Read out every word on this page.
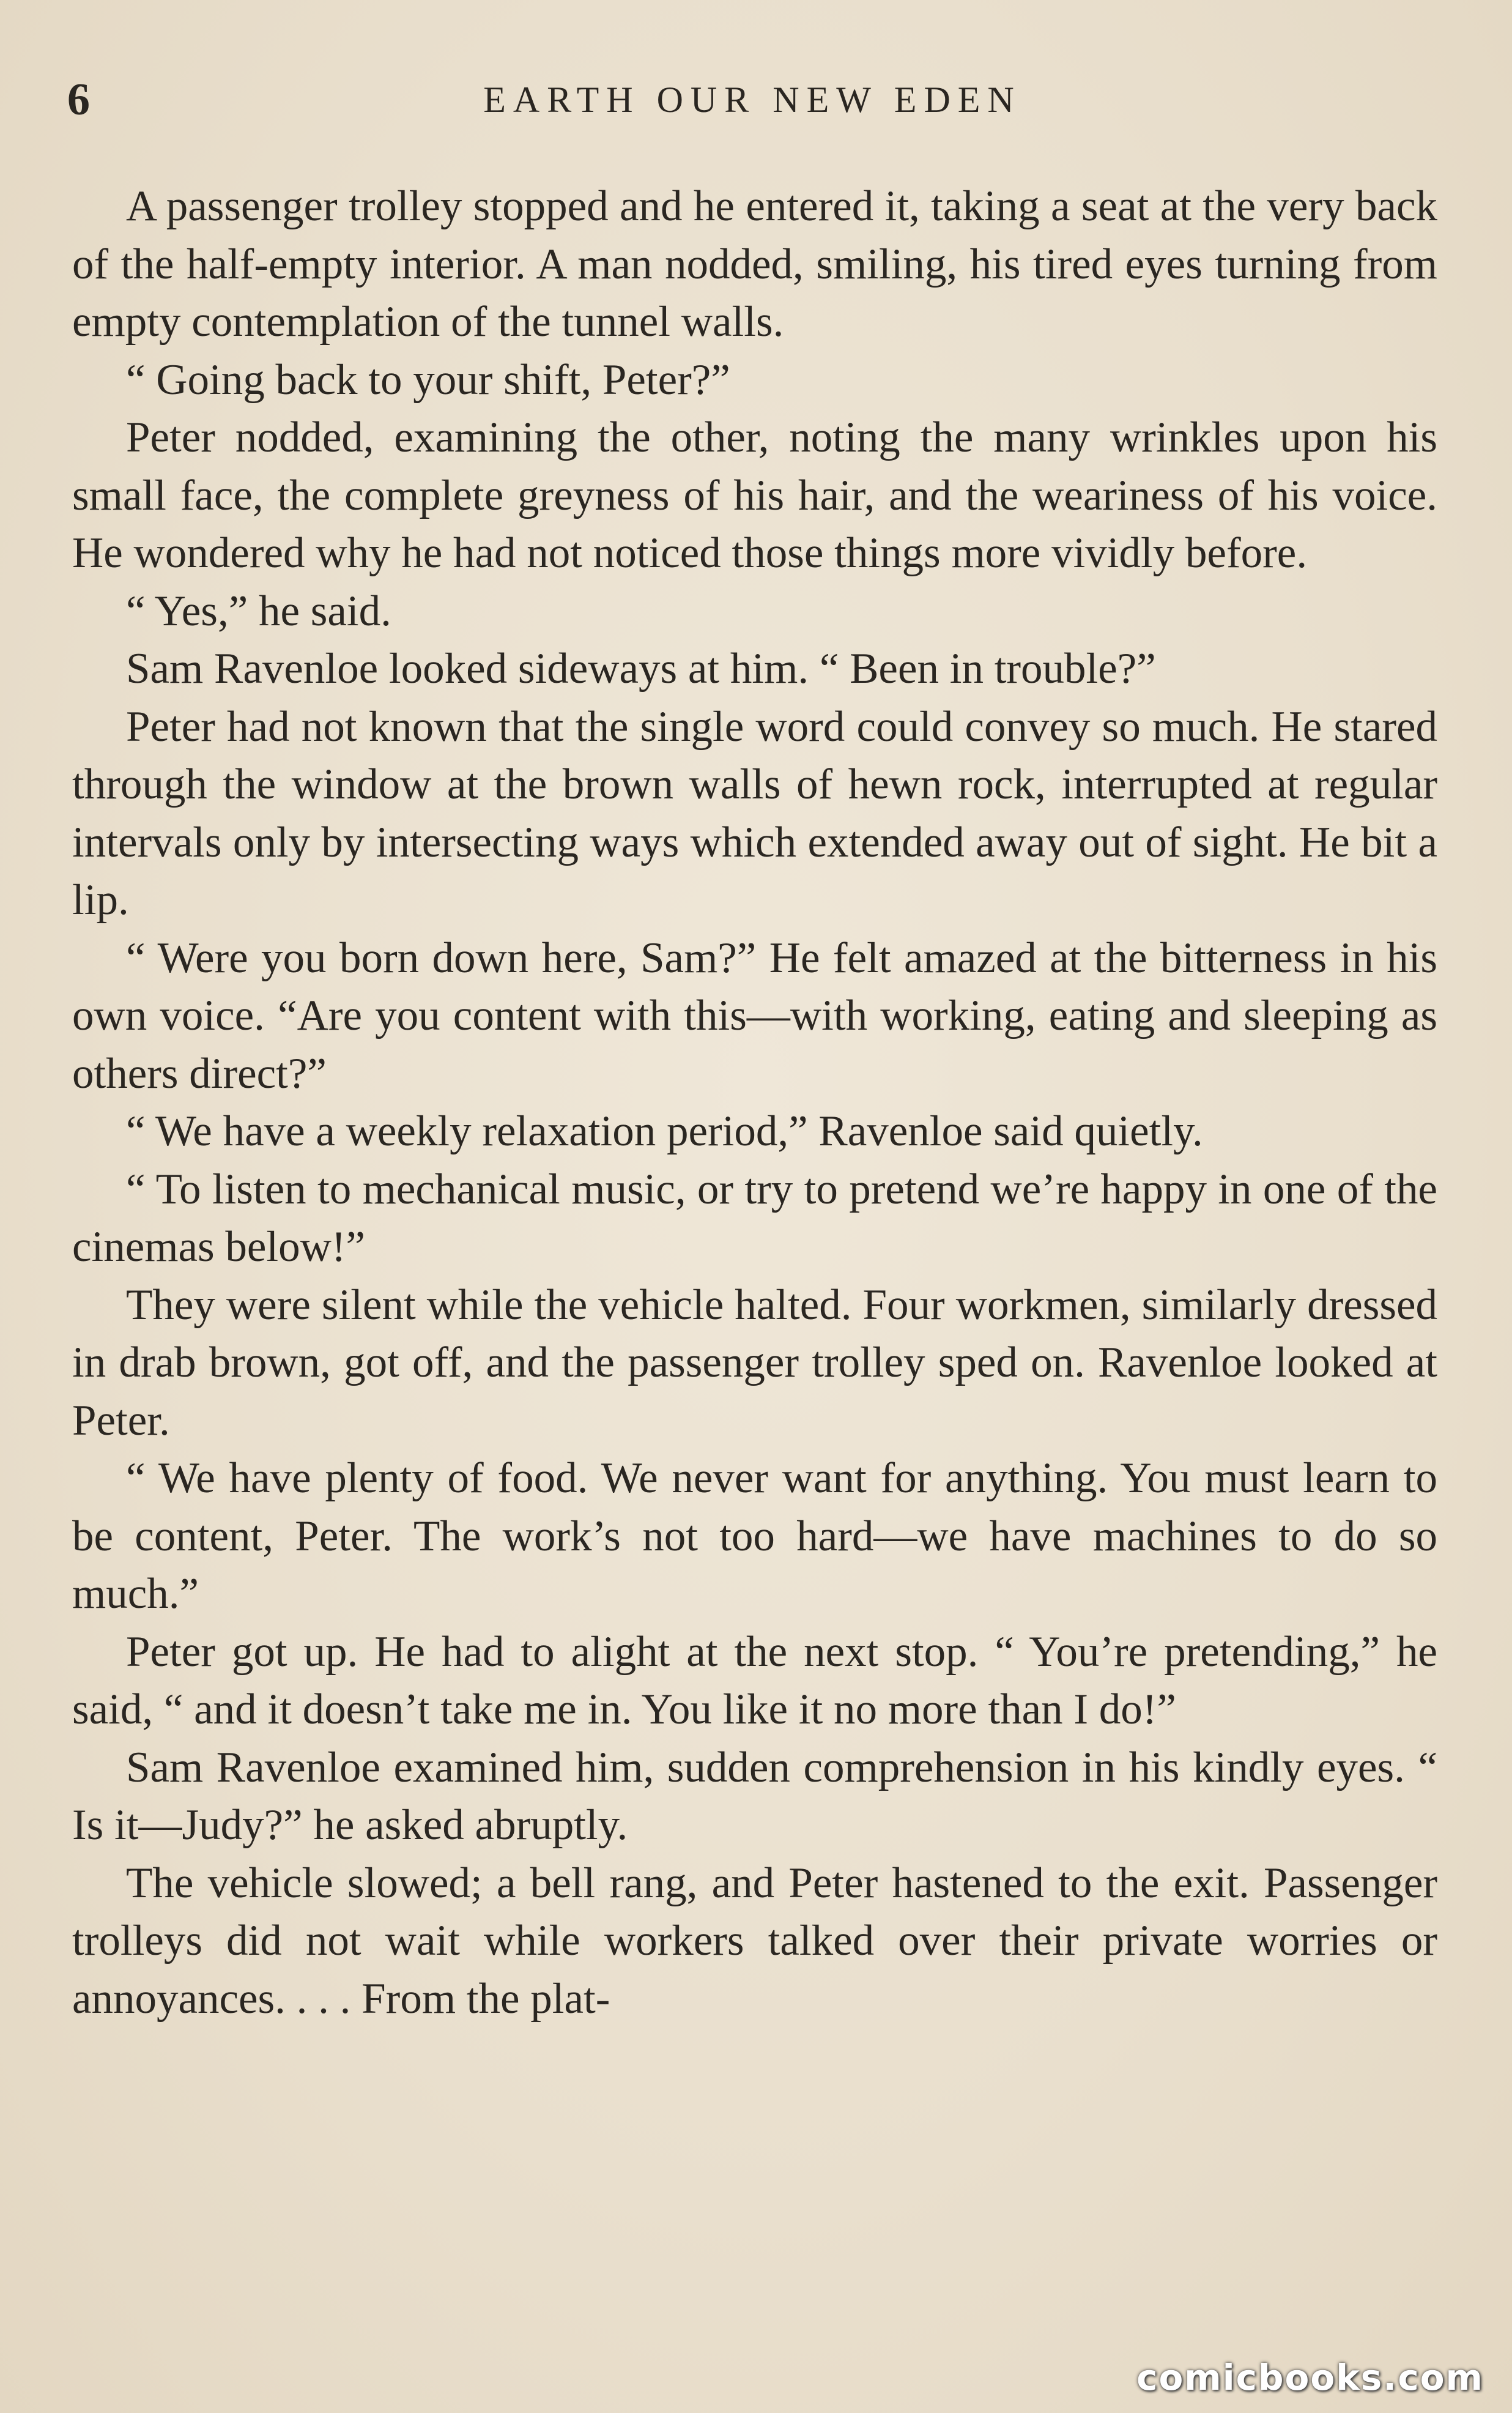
6	EARTH OUR NEW EDEN

A passenger trolley stopped and he entered it, taking a seat at the very back of the half-empty interior. A man nodded, smiling, his tired eyes turning from empty contemplation of the tunnel walls.

“ Going back to your shift, Peter?”

Peter nodded, examining the other, noting the many wrinkles upon his small face, the complete greyness of his hair, and the weariness of his voice. He wondered why he had not noticed those things more vividly before.

“ Yes,” he said.

Sam Ravenloe looked sideways at him. “ Been in trouble?”

Peter had not known that the single word could convey so much. He stared through the window at the brown walls of hewn rock, interrupted at regular intervals only by intersecting ways which extended away out of sight. He bit a lip.

“ Were you born down here, Sam?” He felt amazed at the bitterness in his own voice. “Are you content with this—with working, eating and sleeping as others direct?”

“ We have a weekly relaxation period,” Ravenloe said quietly.

“ To listen to mechanical music, or try to pretend we’re happy in one of the cinemas below!”

They were silent while the vehicle halted. Four workmen, similarly dressed in drab brown, got off, and the passenger trolley sped on. Ravenloe looked at Peter.

“ We have plenty of food. We never want for anything. You must learn to be content, Peter. The work’s not too hard—we have machines to do so much.”

Peter got up. He had to alight at the next stop. “ You’re pretending,” he said, “ and it doesn’t take me in. You like it no more than I do!”

Sam Ravenloe examined him, sudden comprehension in his kindly eyes. “ Is it—Judy?” he asked abruptly.

The vehicle slowed; a bell rang, and Peter hastened to the exit. Passenger trolleys did not wait while workers talked over their private worries or annoyances. . . . From the plat-

comicbooks.com
